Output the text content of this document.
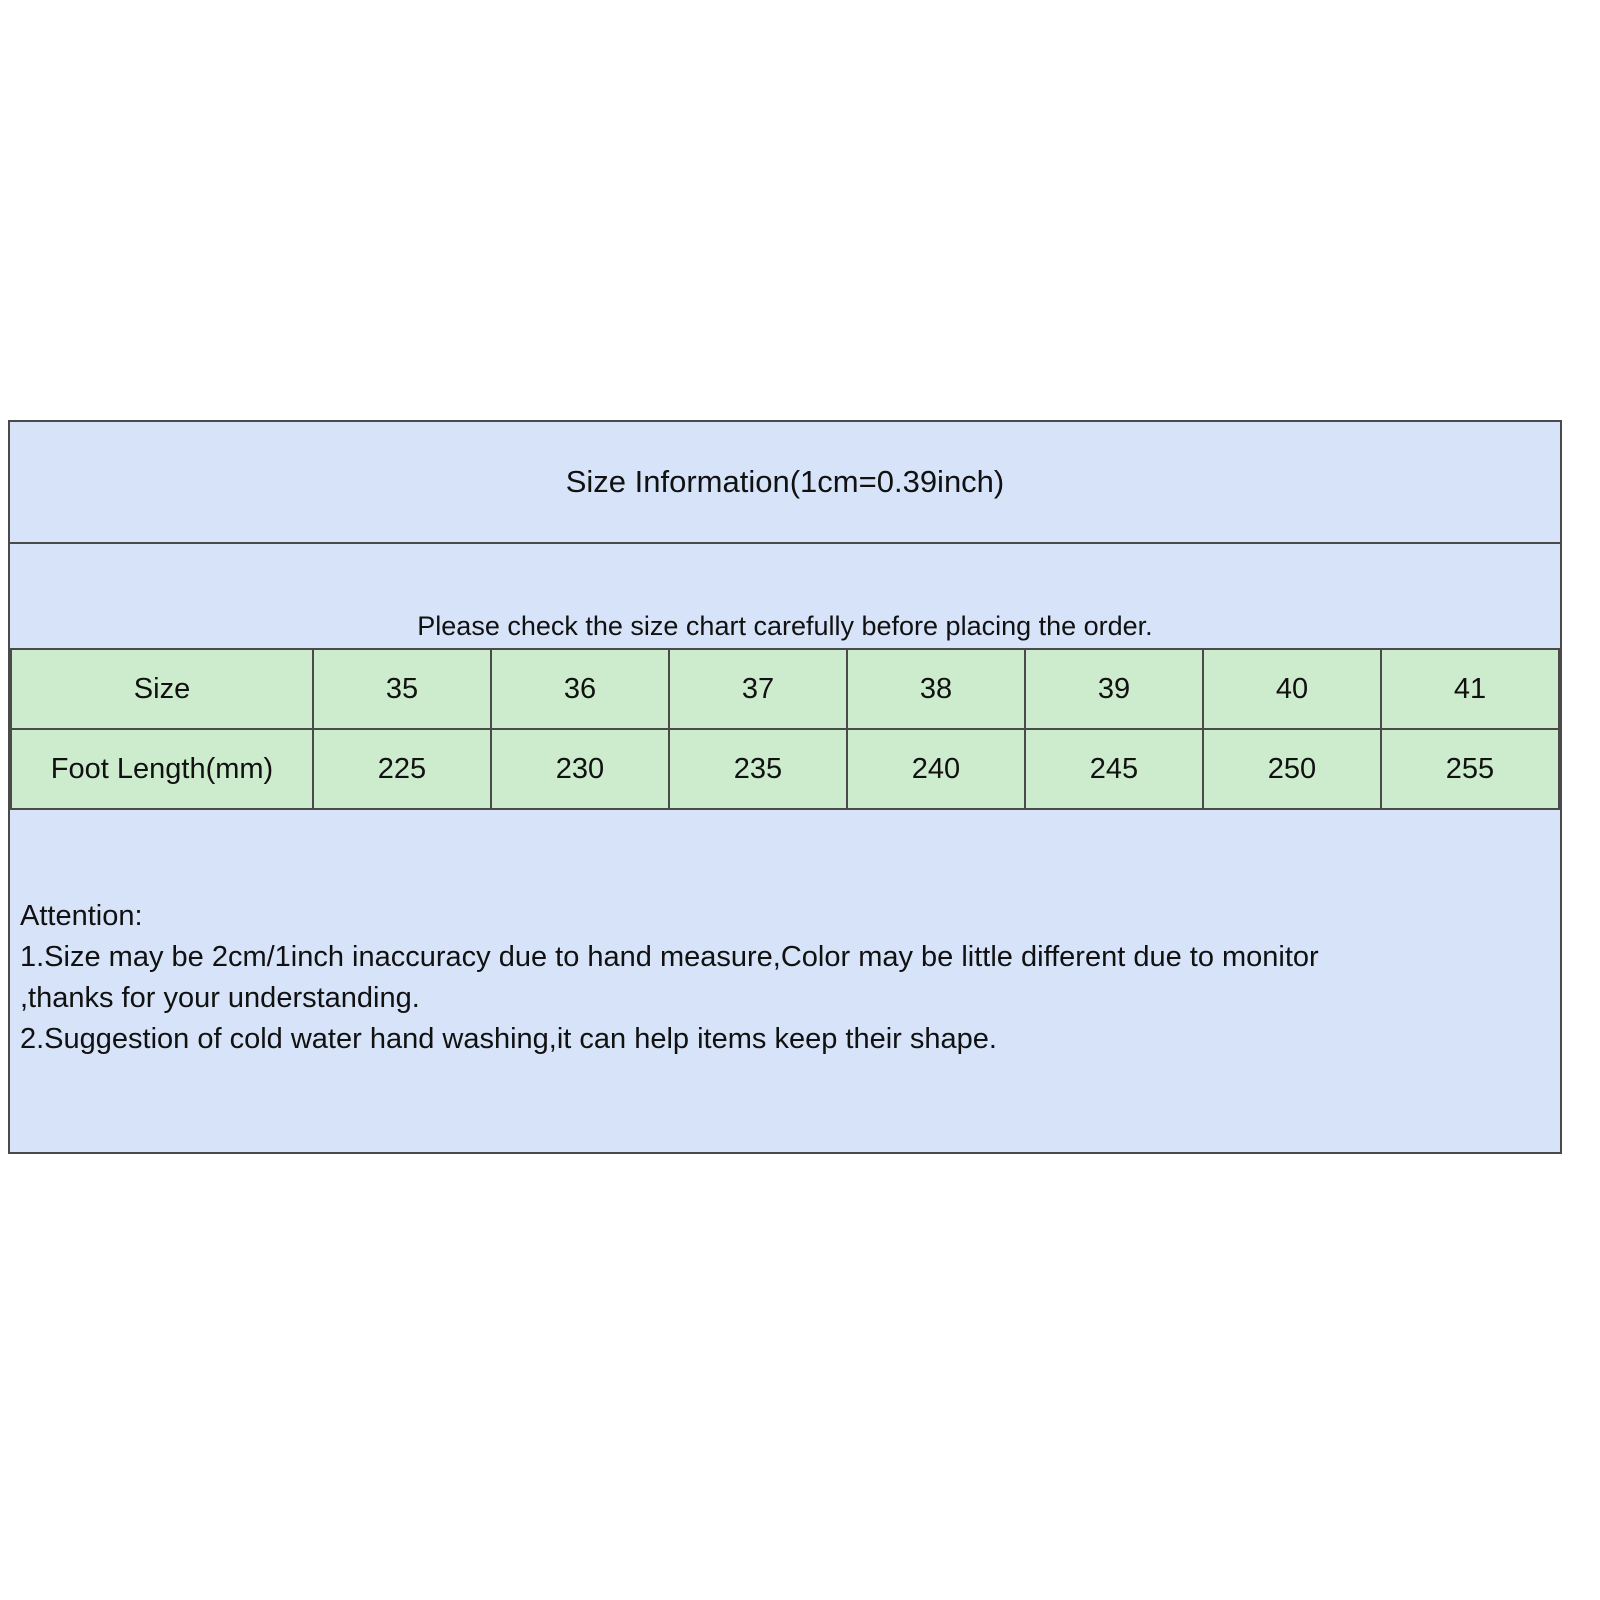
Size Information(1cm=0.39inch)
Please check the size chart carefully before placing the order.
Size	35	36	37	38	39	40	41
Foot Length(mm)	225	230	235	240	245	250	255
Attention:
1.Size may be 2cm/1inch inaccuracy due to hand measure,Color may be little different due to monitor
,thanks for your understanding.
2.Suggestion of cold water hand washing,it can help items keep their shape.
